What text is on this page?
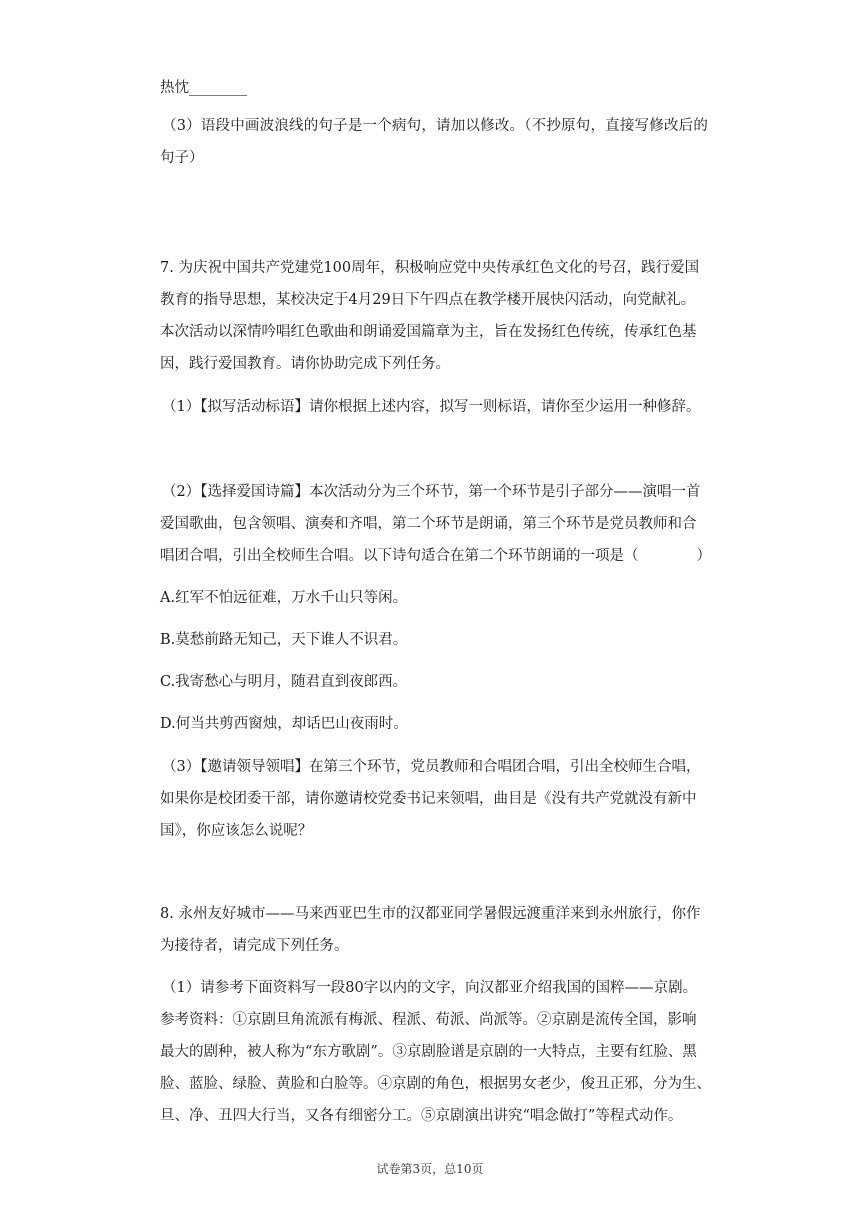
热忱________
（3）语段中画波浪线的句子是一个病句，请加以修改。（不抄原句，直接写修改后的
句子）
7. 为庆祝中国共产党建党100周年，积极响应党中央传承红色文化的号召，践行爱国
教育的指导思想，某校决定于4月29日下午四点在教学楼开展快闪活动，向党献礼。
本次活动以深情吟唱红色歌曲和朗诵爱国篇章为主，旨在发扬红色传统，传承红色基
因，践行爱国教育。请你协助完成下列任务。
（1）【拟写活动标语】请你根据上述内容，拟写一则标语，请你至少运用一种修辞。
（2）【选择爱国诗篇】本次活动分为三个环节，第一个环节是引子部分——演唱一首
爱国歌曲，包含领唱、演奏和齐唱，第二个环节是朗诵，第三个环节是党员教师和合
唱团合唱，引出全校师生合唱。以下诗句适合在第二个环节朗诵的一项是（　　　　）
A.红军不怕远征难，万水千山只等闲。
B.莫愁前路无知己，天下谁人不识君。
C.我寄愁心与明月，随君直到夜郎西。
D.何当共剪西窗烛，却话巴山夜雨时。
（3）【邀请领导领唱】在第三个环节，党员教师和合唱团合唱，引出全校师生合唱，
如果你是校团委干部，请你邀请校党委书记来领唱，曲目是《没有共产党就没有新中
国》，你应该怎么说呢？
8. 永州友好城市——马来西亚巴生市的汉都亚同学暑假远渡重洋来到永州旅行，你作
为接待者，请完成下列任务。
（1）请参考下面资料写一段80字以内的文字，向汉都亚介绍我国的国粹——京剧。
参考资料：①京剧旦角流派有梅派、程派、荀派、尚派等。②京剧是流传全国，影响
最大的剧种，被人称为“东方歌剧”。③京剧脸谱是京剧的一大特点，主要有红脸、黑
脸、蓝脸、绿脸、黄脸和白脸等。④京剧的角色，根据男女老少，俊丑正邪，分为生、
旦、净、丑四大行当，又各有细密分工。⑤京剧演出讲究“唱念做打”等程式动作。
试卷第3页，总10页
